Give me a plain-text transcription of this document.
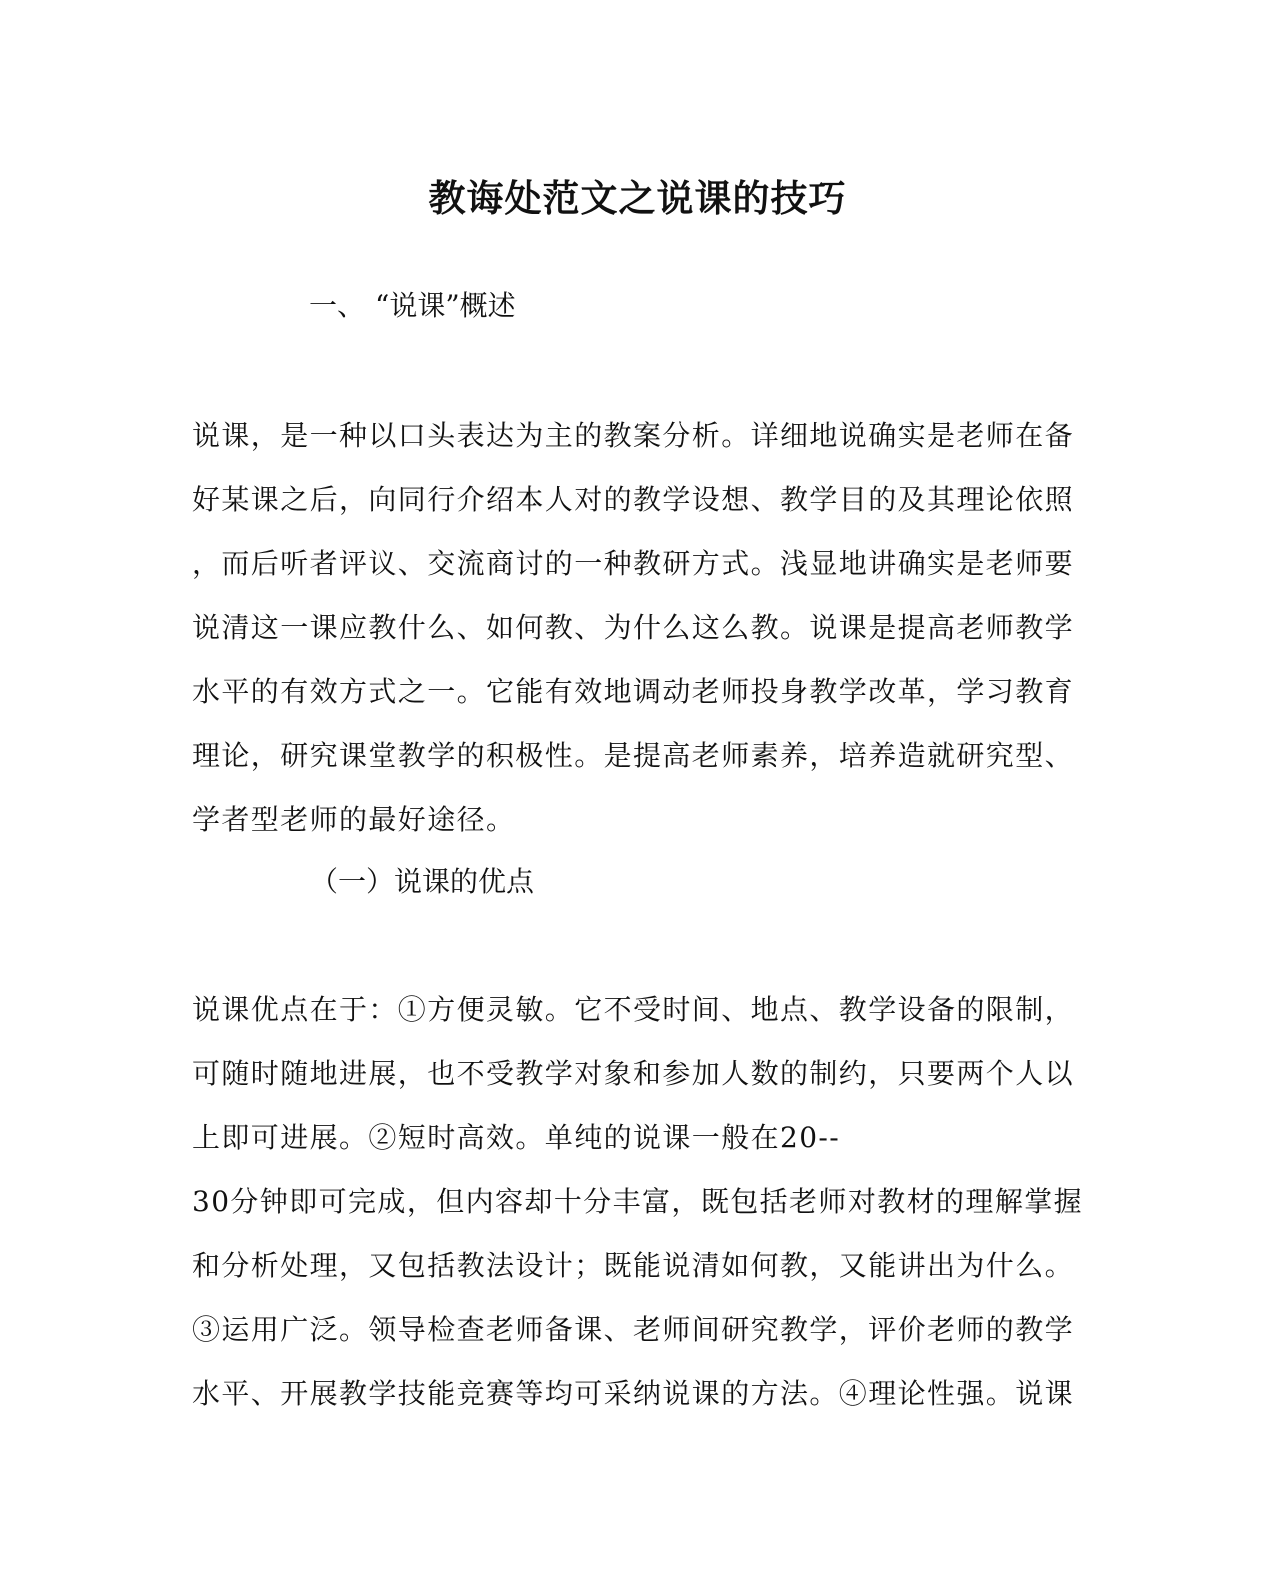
教诲处范文之说课的技巧
一、 “说课”概述
说课，是一种以口头表达为主的教案分析。详细地说确实是老师在备
好某课之后，向同行介绍本人对的教学设想、教学目的及其理论依照
，而后听者评议、交流商讨的一种教研方式。浅显地讲确实是老师要
说清这一课应教什么、如何教、为什么这么教。说课是提高老师教学
水平的有效方式之一。它能有效地调动老师投身教学改革，学习教育
理论，研究课堂教学的积极性。是提高老师素养，培养造就研究型、
学者型老师的最好途径。
（一）说课的优点
说课优点在于：①方便灵敏。它不受时间、地点、教学设备的限制，
可随时随地进展，也不受教学对象和参加人数的制约，只要两个人以
上即可进展。②短时高效。单纯的说课一般在20--
30分钟即可完成，但内容却十分丰富，既包括老师对教材的理解掌握
和分析处理，又包括教法设计；既能说清如何教，又能讲出为什么。
③运用广泛。领导检查老师备课、老师间研究教学，评价老师的教学
水平、开展教学技能竞赛等均可采纳说课的方法。④理论性强。说课
